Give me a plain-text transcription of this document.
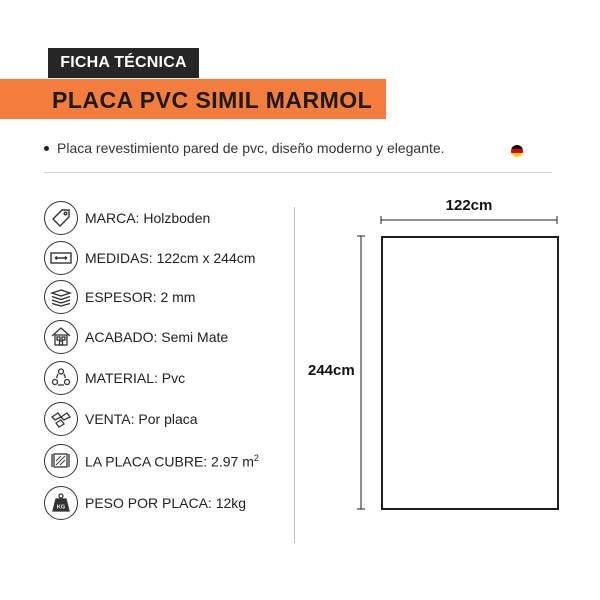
FICHA TÉCNICA
PLACA PVC SIMIL MARMOL
Placa revestimiento pared de pvc, diseño moderno y elegante.
MARCA: Holzboden
MEDIDAS: 122cm x 244cm
ESPESOR: 2 mm
ACABADO: Semi Mate
MATERIAL: Pvc
VENTA: Por placa
LA PLACA CUBRE: 2.97 $m^2$
KG PESO POR PLACA: 12kg
122cm
244cm
